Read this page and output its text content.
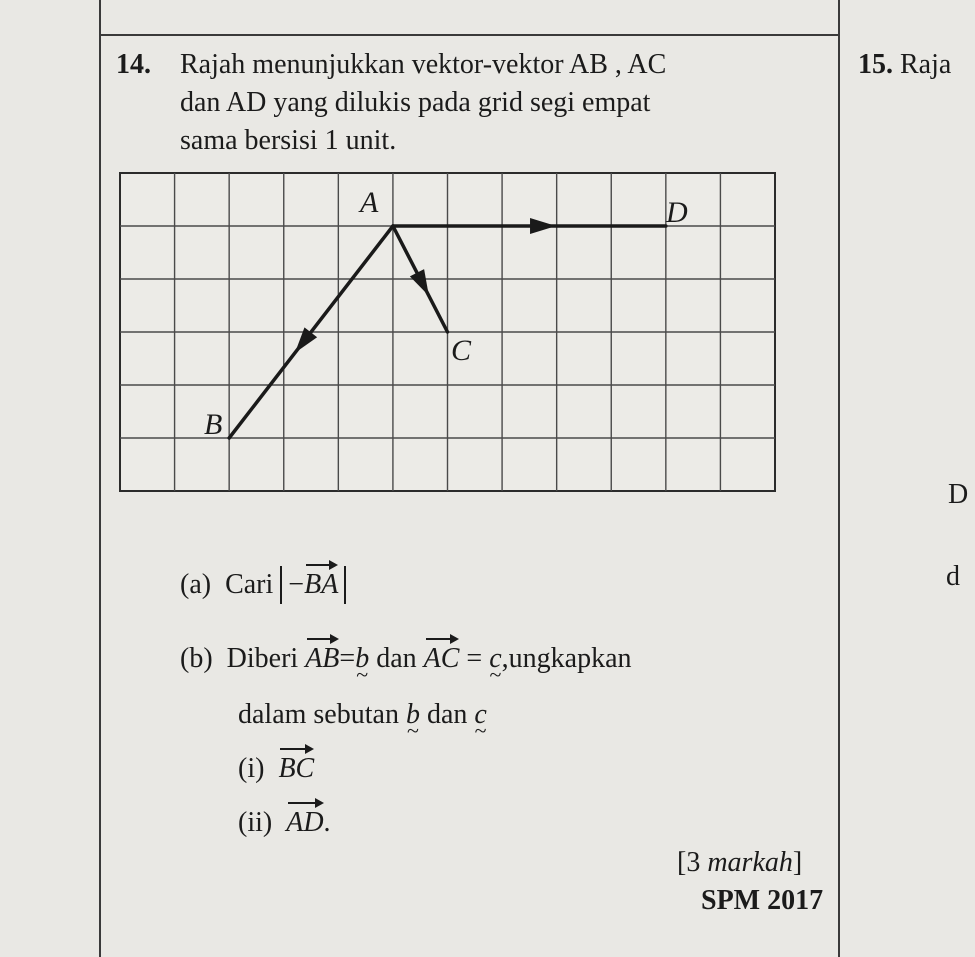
14. Rajah menunjukkan vektor-vektor AB , AC
dan AD yang dilukis pada grid segi empat
sama bersisi 1 unit.
15. Raja
D
d
A	D
C
B
(a) Cari −BA
(b) Diberi AB=b ~ dan AC = c ~,ungkapkan
dalam sebutan b ~ dan c ~
(i) BC
(ii) AD.
[3 markah]
SPM 2017
